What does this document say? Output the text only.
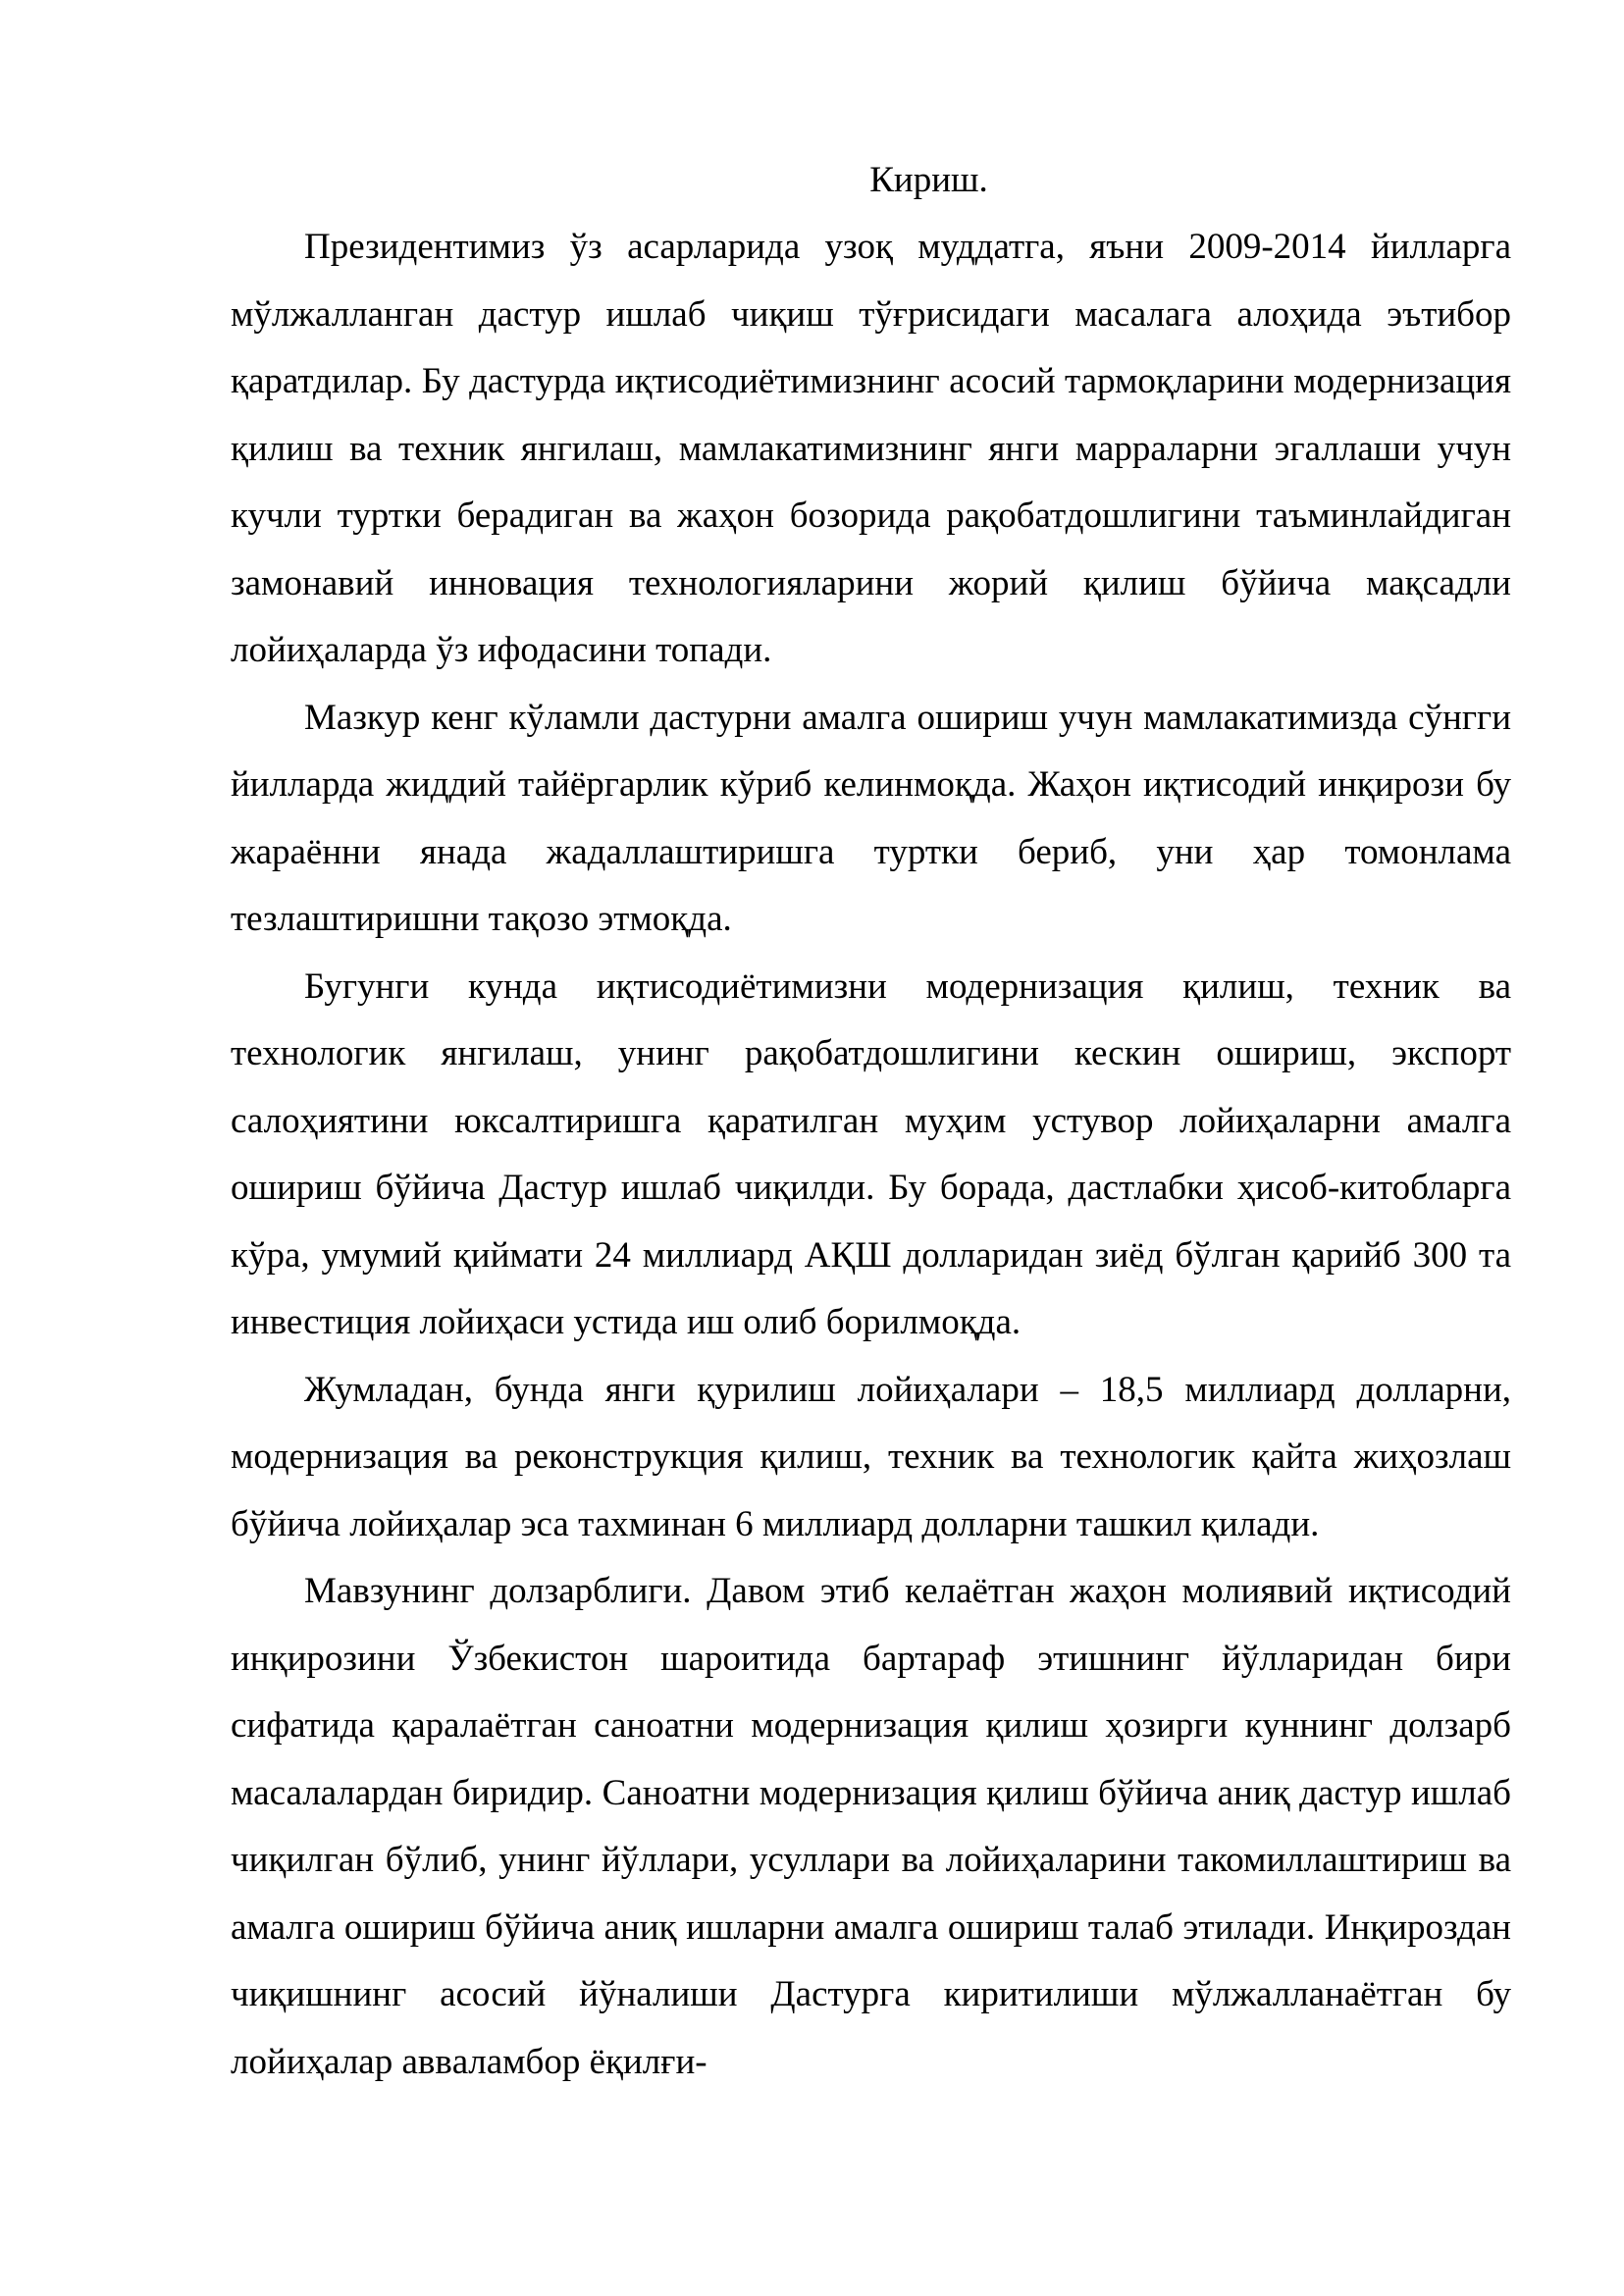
Кириш.

Президентимиз ўз асарларида узоқ муддатга, яъни 2009-2014 йилларга мўлжалланган дастур ишлаб чиқиш тўғрисидаги масалага алоҳида эътибор қаратдилар. Бу дастурда иқтисодиётимизнинг асосий тармоқларини модернизация қилиш ва техник янгилаш, мамлакатимизнинг янги марраларни эгаллаши учун кучли туртки берадиган ва жаҳон бозорида рақобатдошлигини таъминлайдиган замонавий инновация технологияларини жорий қилиш бўйича мақсадли лойиҳаларда ўз ифодасини топади.

Мазкур кенг кўламли дастурни амалга ошириш учун мамлакатимизда сўнгги йилларда жиддий тайёргарлик кўриб келинмоқда. Жаҳон иқтисодий инқирози бу жараённи янада жадаллаштиришга туртки бериб, уни ҳар томонлама тезлаштиришни тақозо этмоқда.

Бугунги кунда иқтисодиётимизни модернизация қилиш, техник ва технологик янгилаш, унинг рақобатдошлигини кескин ошириш, экспорт салоҳиятини юксалтиришга қаратилган муҳим устувор лойиҳаларни амалга ошириш бўйича Дастур ишлаб чиқилди. Бу борада, дастлабки ҳисоб-китобларга кўра, умумий қиймати 24 миллиард АҚШ долларидан зиёд бўлган қарийб 300 та инвестиция лойиҳаси устида иш олиб борилмоқда.

Жумладан, бунда янги қурилиш лойиҳалари – 18,5 миллиард долларни, модернизация ва реконструкция қилиш, техник ва технологик қайта жиҳозлаш бўйича лойиҳалар эса тахминан 6 миллиард долларни ташкил қилади.

Мавзунинг долзарблиги. Давом этиб келаётган жаҳон молиявий иқтисодий инқирозини Ўзбекистон шароитида бартараф этишнинг йўлларидан бири сифатида қаралаётган саноатни модернизация қилиш ҳозирги куннинг долзарб масалалардан биридир. Саноатни модернизация қилиш бўйича аниқ дастур ишлаб чиқилган бўлиб, унинг йўллари, усуллари ва лойиҳаларини такомиллаштириш ва амалга ошириш бўйича аниқ ишларни амалга ошириш талаб этилади. Инқироздан чиқишнинг асосий йўналиши Дастурга киритилиши мўлжалланаётган бу лойиҳалар аввaламбор ёқилғи-
